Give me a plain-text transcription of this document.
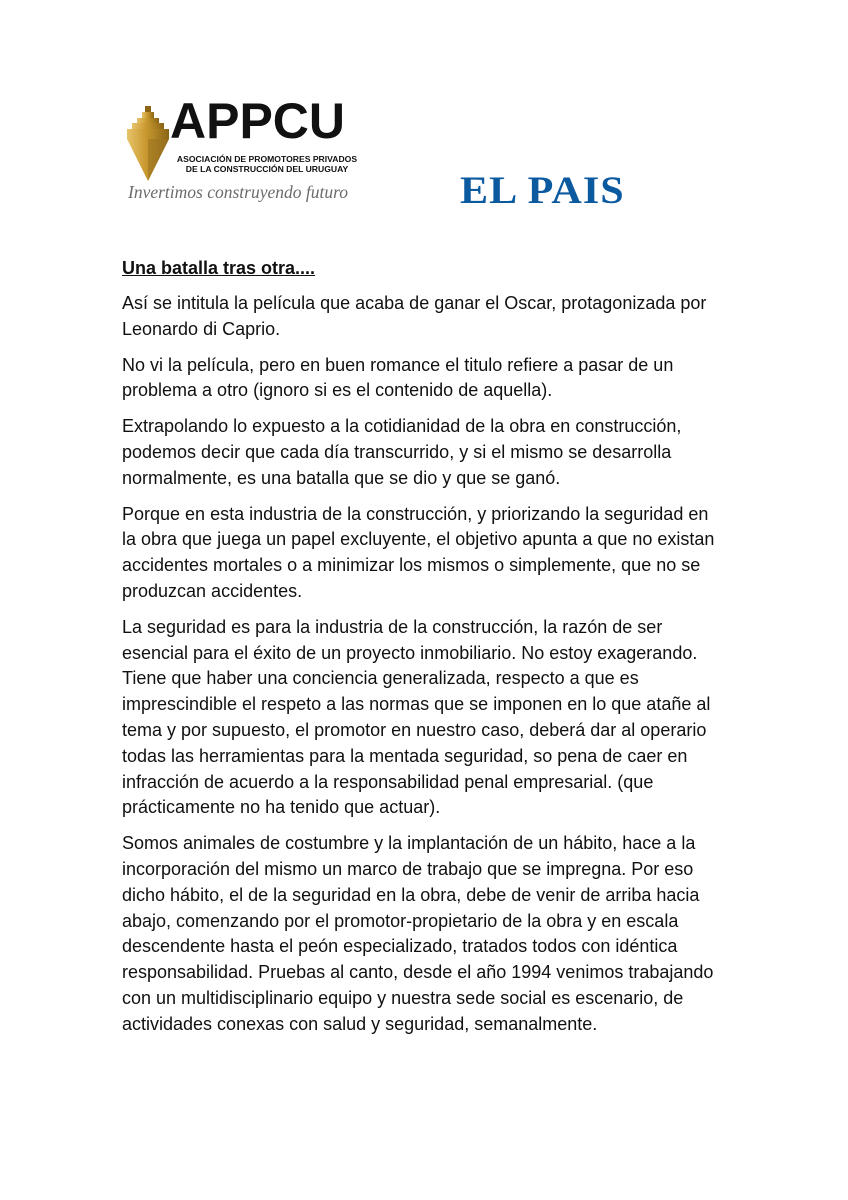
APPCU
ASOCIACIÓN DE PROMOTORES PRIVADOS
DE LA CONSTRUCCIÓN DEL URUGUAY
Invertimos construyendo futuro	EL PAIS
Una batalla tras otra....

Así se intitula la película que acaba de ganar el Oscar, protagonizada por
Leonardo di Caprio.

No vi la película, pero en buen romance el titulo refiere a pasar de un
problema a otro (ignoro si es el contenido de aquella).

Extrapolando lo expuesto a la cotidianidad de la obra en construcción,
podemos decir que cada día transcurrido, y si el mismo se desarrolla
normalmente, es una batalla que se dio y que se ganó.

Porque en esta industria de la construcción, y priorizando la seguridad en
la obra que juega un papel excluyente, el objetivo apunta a que no existan
accidentes mortales o a minimizar los mismos o simplemente, que no se
produzcan accidentes.

La seguridad es para la industria de la construcción, la razón de ser
esencial para el éxito de un proyecto inmobiliario. No estoy exagerando.
Tiene que haber una conciencia generalizada, respecto a que es
imprescindible el respeto a las normas que se imponen en lo que atañe al
tema y por supuesto, el promotor en nuestro caso, deberá dar al operario
todas las herramientas para la mentada seguridad, so pena de caer en
infracción de acuerdo a la responsabilidad penal empresarial. (que
prácticamente no ha tenido que actuar).

Somos animales de costumbre y la implantación de un hábito, hace a la
incorporación del mismo un marco de trabajo que se impregna. Por eso
dicho hábito, el de la seguridad en la obra, debe de venir de arriba hacia
abajo, comenzando por el promotor-propietario de la obra y en escala
descendente hasta el peón especializado, tratados todos con idéntica
responsabilidad. Pruebas al canto, desde el año 1994 venimos trabajando
con un multidisciplinario equipo y nuestra sede social es escenario, de
actividades conexas con salud y seguridad, semanalmente.
